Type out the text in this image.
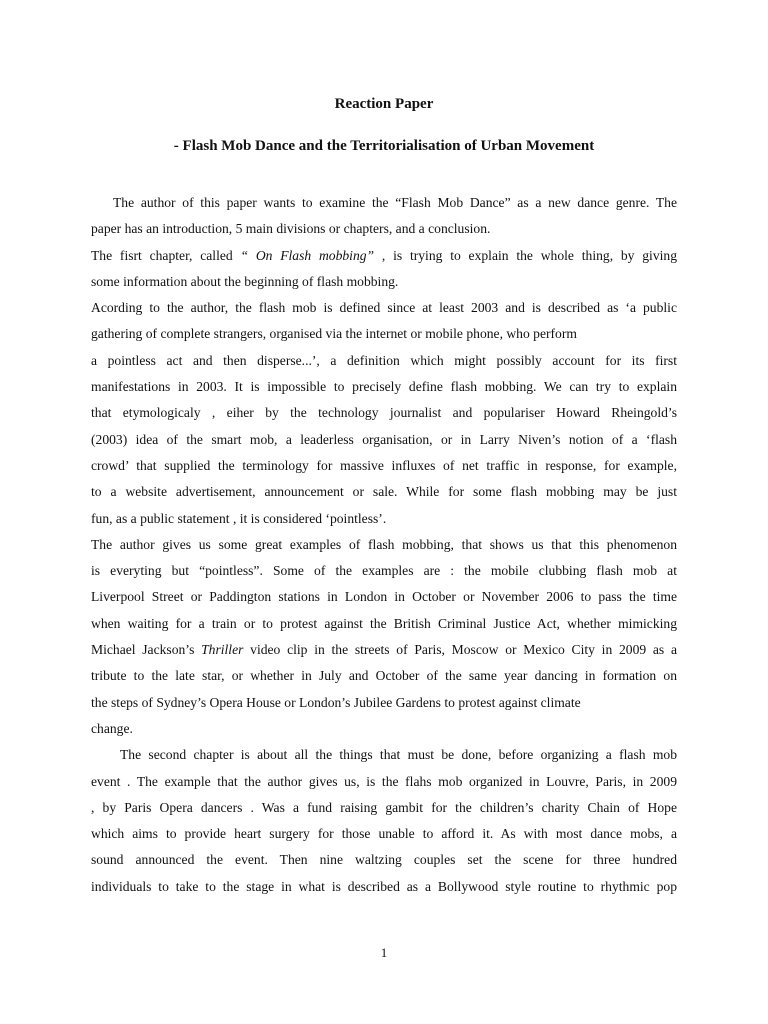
Reaction Paper
- Flash Mob Dance and the Territorialisation of Urban Movement
The author of this paper wants to examine the “Flash Mob Dance” as a new dance genre. The
paper has an introduction, 5 main divisions or chapters, and a conclusion.
The fisrt chapter, called “ On Flash mobbing” , is trying to explain the whole thing, by giving
some information about the beginning of flash mobbing.
Acording to the author, the flash mob is defined since at least 2003 and is described as ‘a public
gathering of complete strangers, organised via the internet or mobile phone, who perform
a pointless act and then disperse...’, a definition which might possibly account for its first
manifestations in 2003. It is impossible to precisely define flash mobbing. We can try to explain
that etymologicaly , eiher by the technology journalist and populariser Howard Rheingold’s
(2003) idea of the smart mob, a leaderless organisation, or in Larry Niven’s notion of a ‘flash
crowd’ that supplied the terminology for massive influxes of net traffic in response, for example,
to a website advertisement, announcement or sale. While for some flash mobbing may be just
fun, as a public statement , it is considered ‘pointless’.
The author gives us some great examples of flash mobbing, that shows us that this phenomenon
is everyting but “pointless”. Some of the examples are : the mobile clubbing flash mob at
Liverpool Street or Paddington stations in London in October or November 2006 to pass the time
when waiting for a train or to protest against the British Criminal Justice Act, whether mimicking
Michael Jackson’s Thriller video clip in the streets of Paris, Moscow or Mexico City in 2009 as a
tribute to the late star, or whether in July and October of the same year dancing in formation on
the steps of Sydney’s Opera House or London’s Jubilee Gardens to protest against climate
change.
The second chapter is about all the things that must be done, before organizing a flash mob
event . The example that the author gives us, is the flahs mob organized in Louvre, Paris, in 2009
, by Paris Opera dancers . Was a fund raising gambit for the children’s charity Chain of Hope
which aims to provide heart surgery for those unable to afford it. As with most dance mobs, a
sound announced the event. Then nine waltzing couples set the scene for three hundred
individuals to take to the stage in what is described as a Bollywood style routine to rhythmic pop
1
